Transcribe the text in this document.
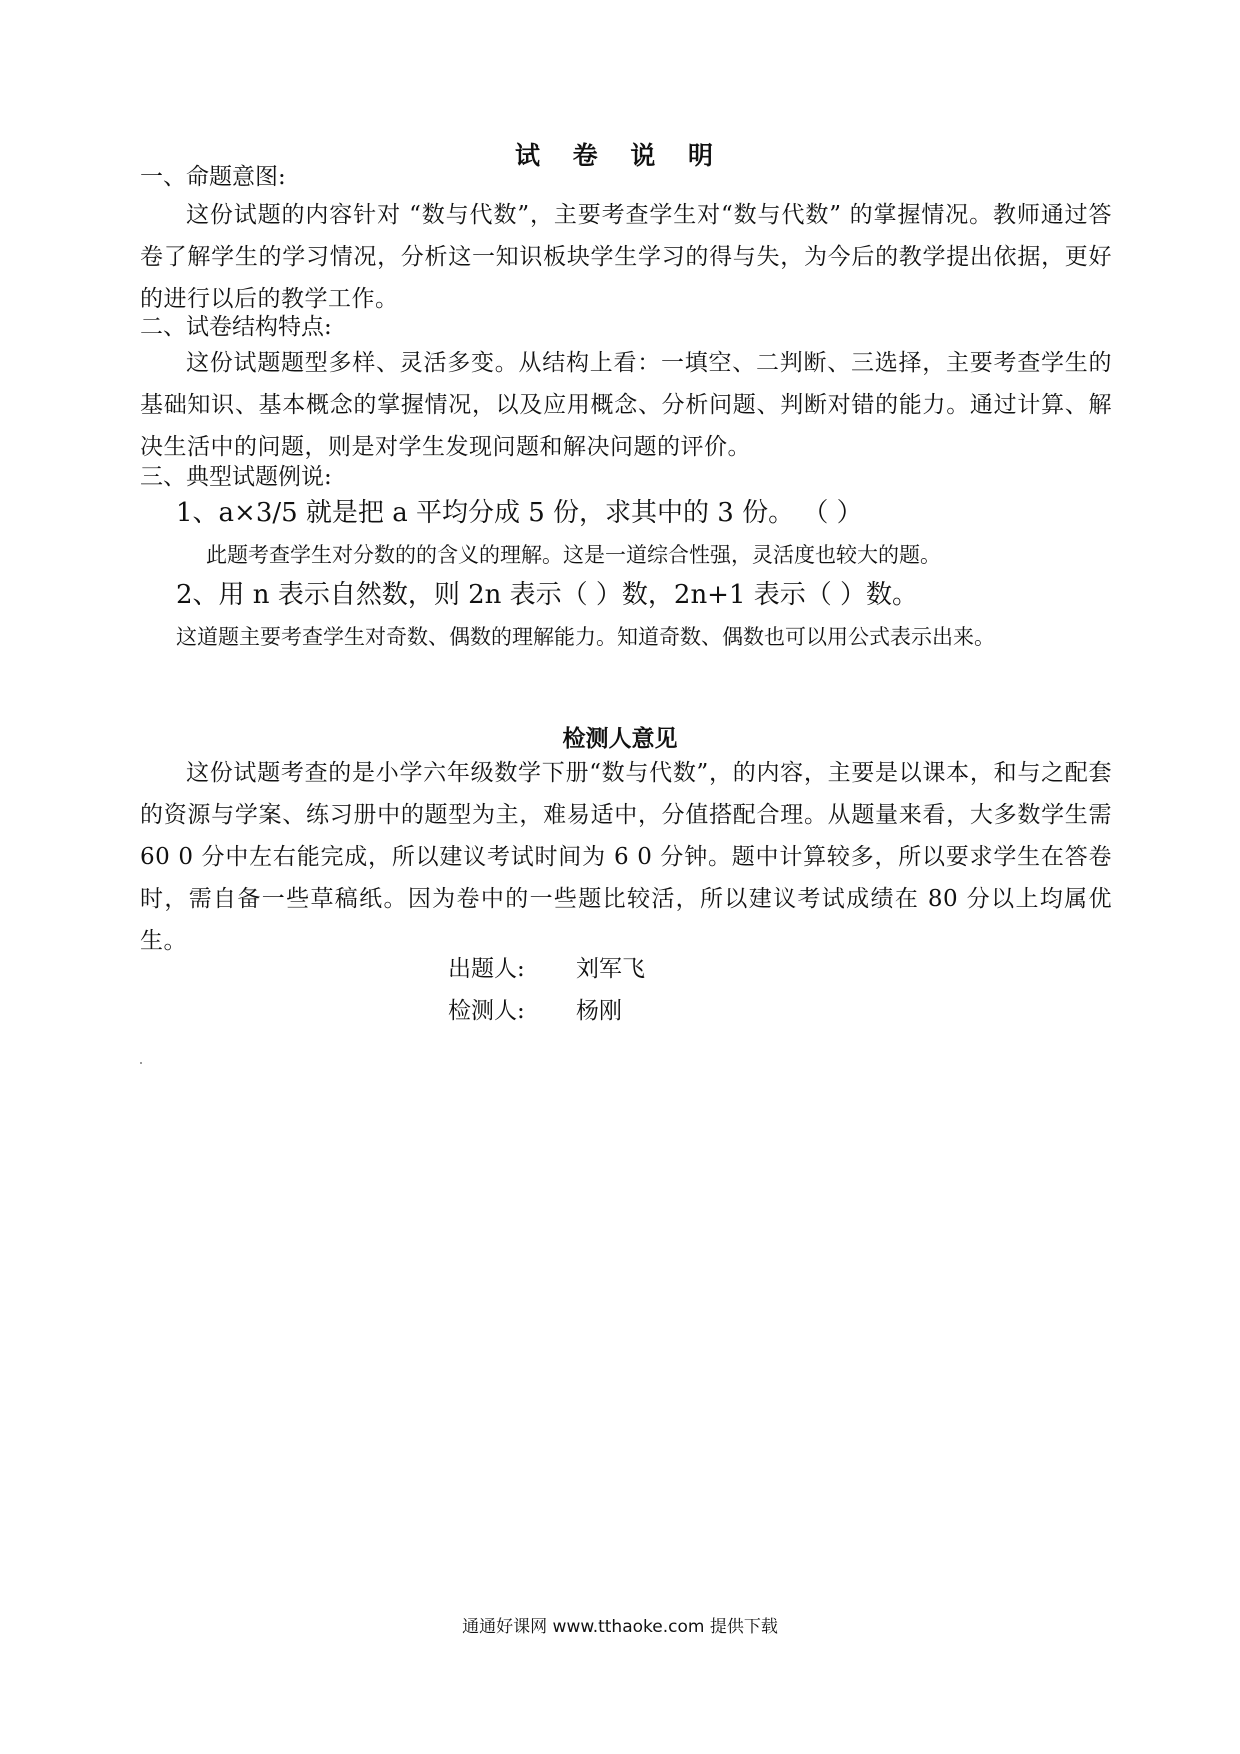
试 卷 说 明
一、命题意图:
这份试题的内容针对 “数与代数”，主要考查学生对“数与代数” 的掌握情况。教师通过答卷了解学生的学习情况，分析这一知识板块学生学习的得与失，为今后的教学提出依据，更好的进行以后的教学工作。
二、试卷结构特点:
这份试题题型多样、灵活多变。从结构上看：一填空、二判断、三选择，主要考查学生的基础知识、基本概念的掌握情况，以及应用概念、分析问题、判断对错的能力。通过计算、解决生活中的问题，则是对学生发现问题和解决问题的评价。
三、典型试题例说:
1、a×3/5 就是把 a 平均分成 5 份，求其中的 3 份。 （ ）
此题考查学生对分数的的含义的理解。这是一道综合性强，灵活度也较大的题。
2、用 n 表示自然数，则 2n 表示（ ）数，2n+1 表示（ ）数。
这道题主要考查学生对奇数、偶数的理解能力。知道奇数、偶数也可以用公式表示出来。
检测人意见
这份试题考查的是小学六年级数学下册“数与代数”，的内容，主要是以课本，和与之配套的资源与学案、练习册中的题型为主，难易适中，分值搭配合理。从题量来看，大多数学生需 60 0 分中左右能完成，所以建议考试时间为 6 0 分钟。题中计算较多，所以要求学生在答卷时，需自备一些草稿纸。因为卷中的一些题比较活，所以建议考试成绩在 80 分以上均属优生。
出题人: 刘军飞
检测人: 杨刚
通通好课网 www.tthaoke.com 提供下载
